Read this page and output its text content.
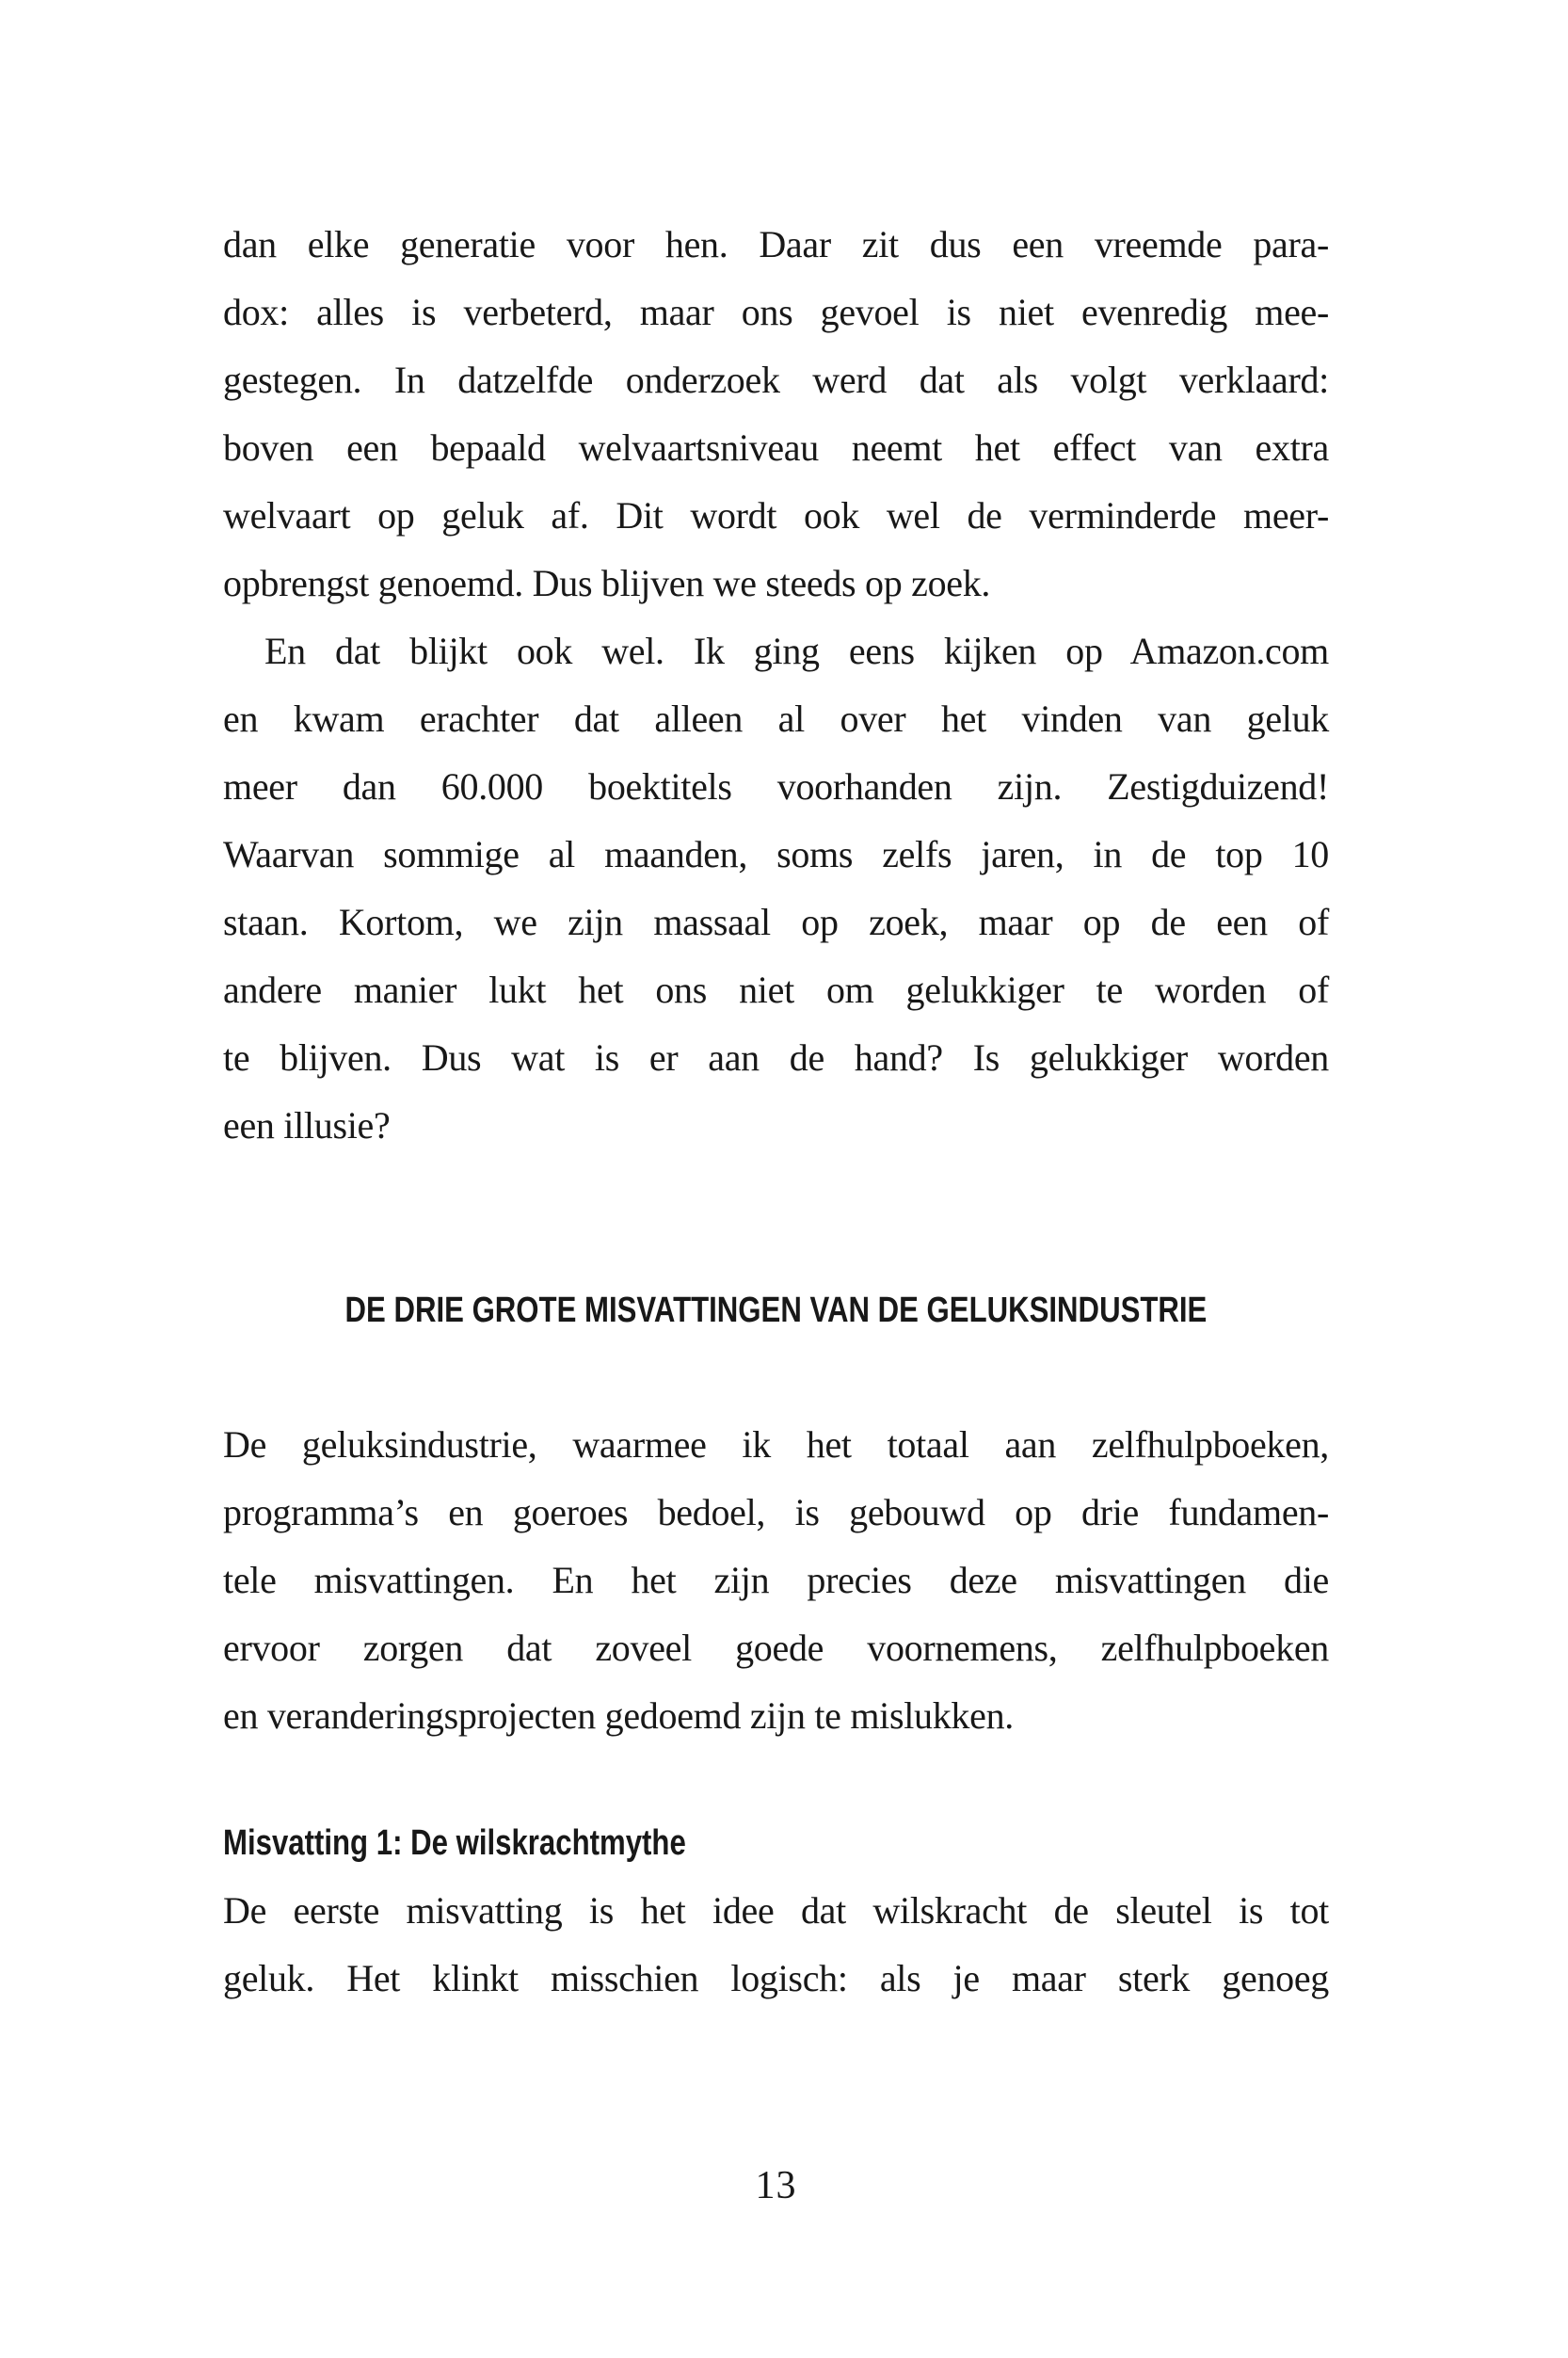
dan elke generatie voor hen. Daar zit dus een vreemde para-
dox: alles is verbeterd, maar ons gevoel is niet evenredig mee-
gestegen. In datzelfde onderzoek werd dat als volgt verklaard:
boven een bepaald welvaartsniveau neemt het effect van extra
welvaart op geluk af. Dit wordt ook wel de verminderde meer-
opbrengst genoemd. Dus blijven we steeds op zoek.
En dat blijkt ook wel. Ik ging eens kijken op Amazon.com
en kwam erachter dat alleen al over het vinden van geluk
meer dan 60.000 boektitels voorhanden zijn. Zestigduizend!
Waarvan sommige al maanden, soms zelfs jaren, in de top 10
staan. Kortom, we zijn massaal op zoek, maar op de een of
andere manier lukt het ons niet om gelukkiger te worden of
te blijven. Dus wat is er aan de hand? Is gelukkiger worden
een illusie?
DE DRIE GROTE MISVATTINGEN VAN DE GELUKSINDUSTRIE
De geluksindustrie, waarmee ik het totaal aan zelfhulpboeken,
programma’s en goeroes bedoel, is gebouwd op drie fundamen-
tele misvattingen. En het zijn precies deze misvattingen die
ervoor zorgen dat zoveel goede voornemens, zelfhulpboeken
en veranderingsprojecten gedoemd zijn te mislukken.
Misvatting 1: De wilskrachtmythe
De eerste misvatting is het idee dat wilskracht de sleutel is tot
geluk. Het klinkt misschien logisch: als je maar sterk genoeg
13
